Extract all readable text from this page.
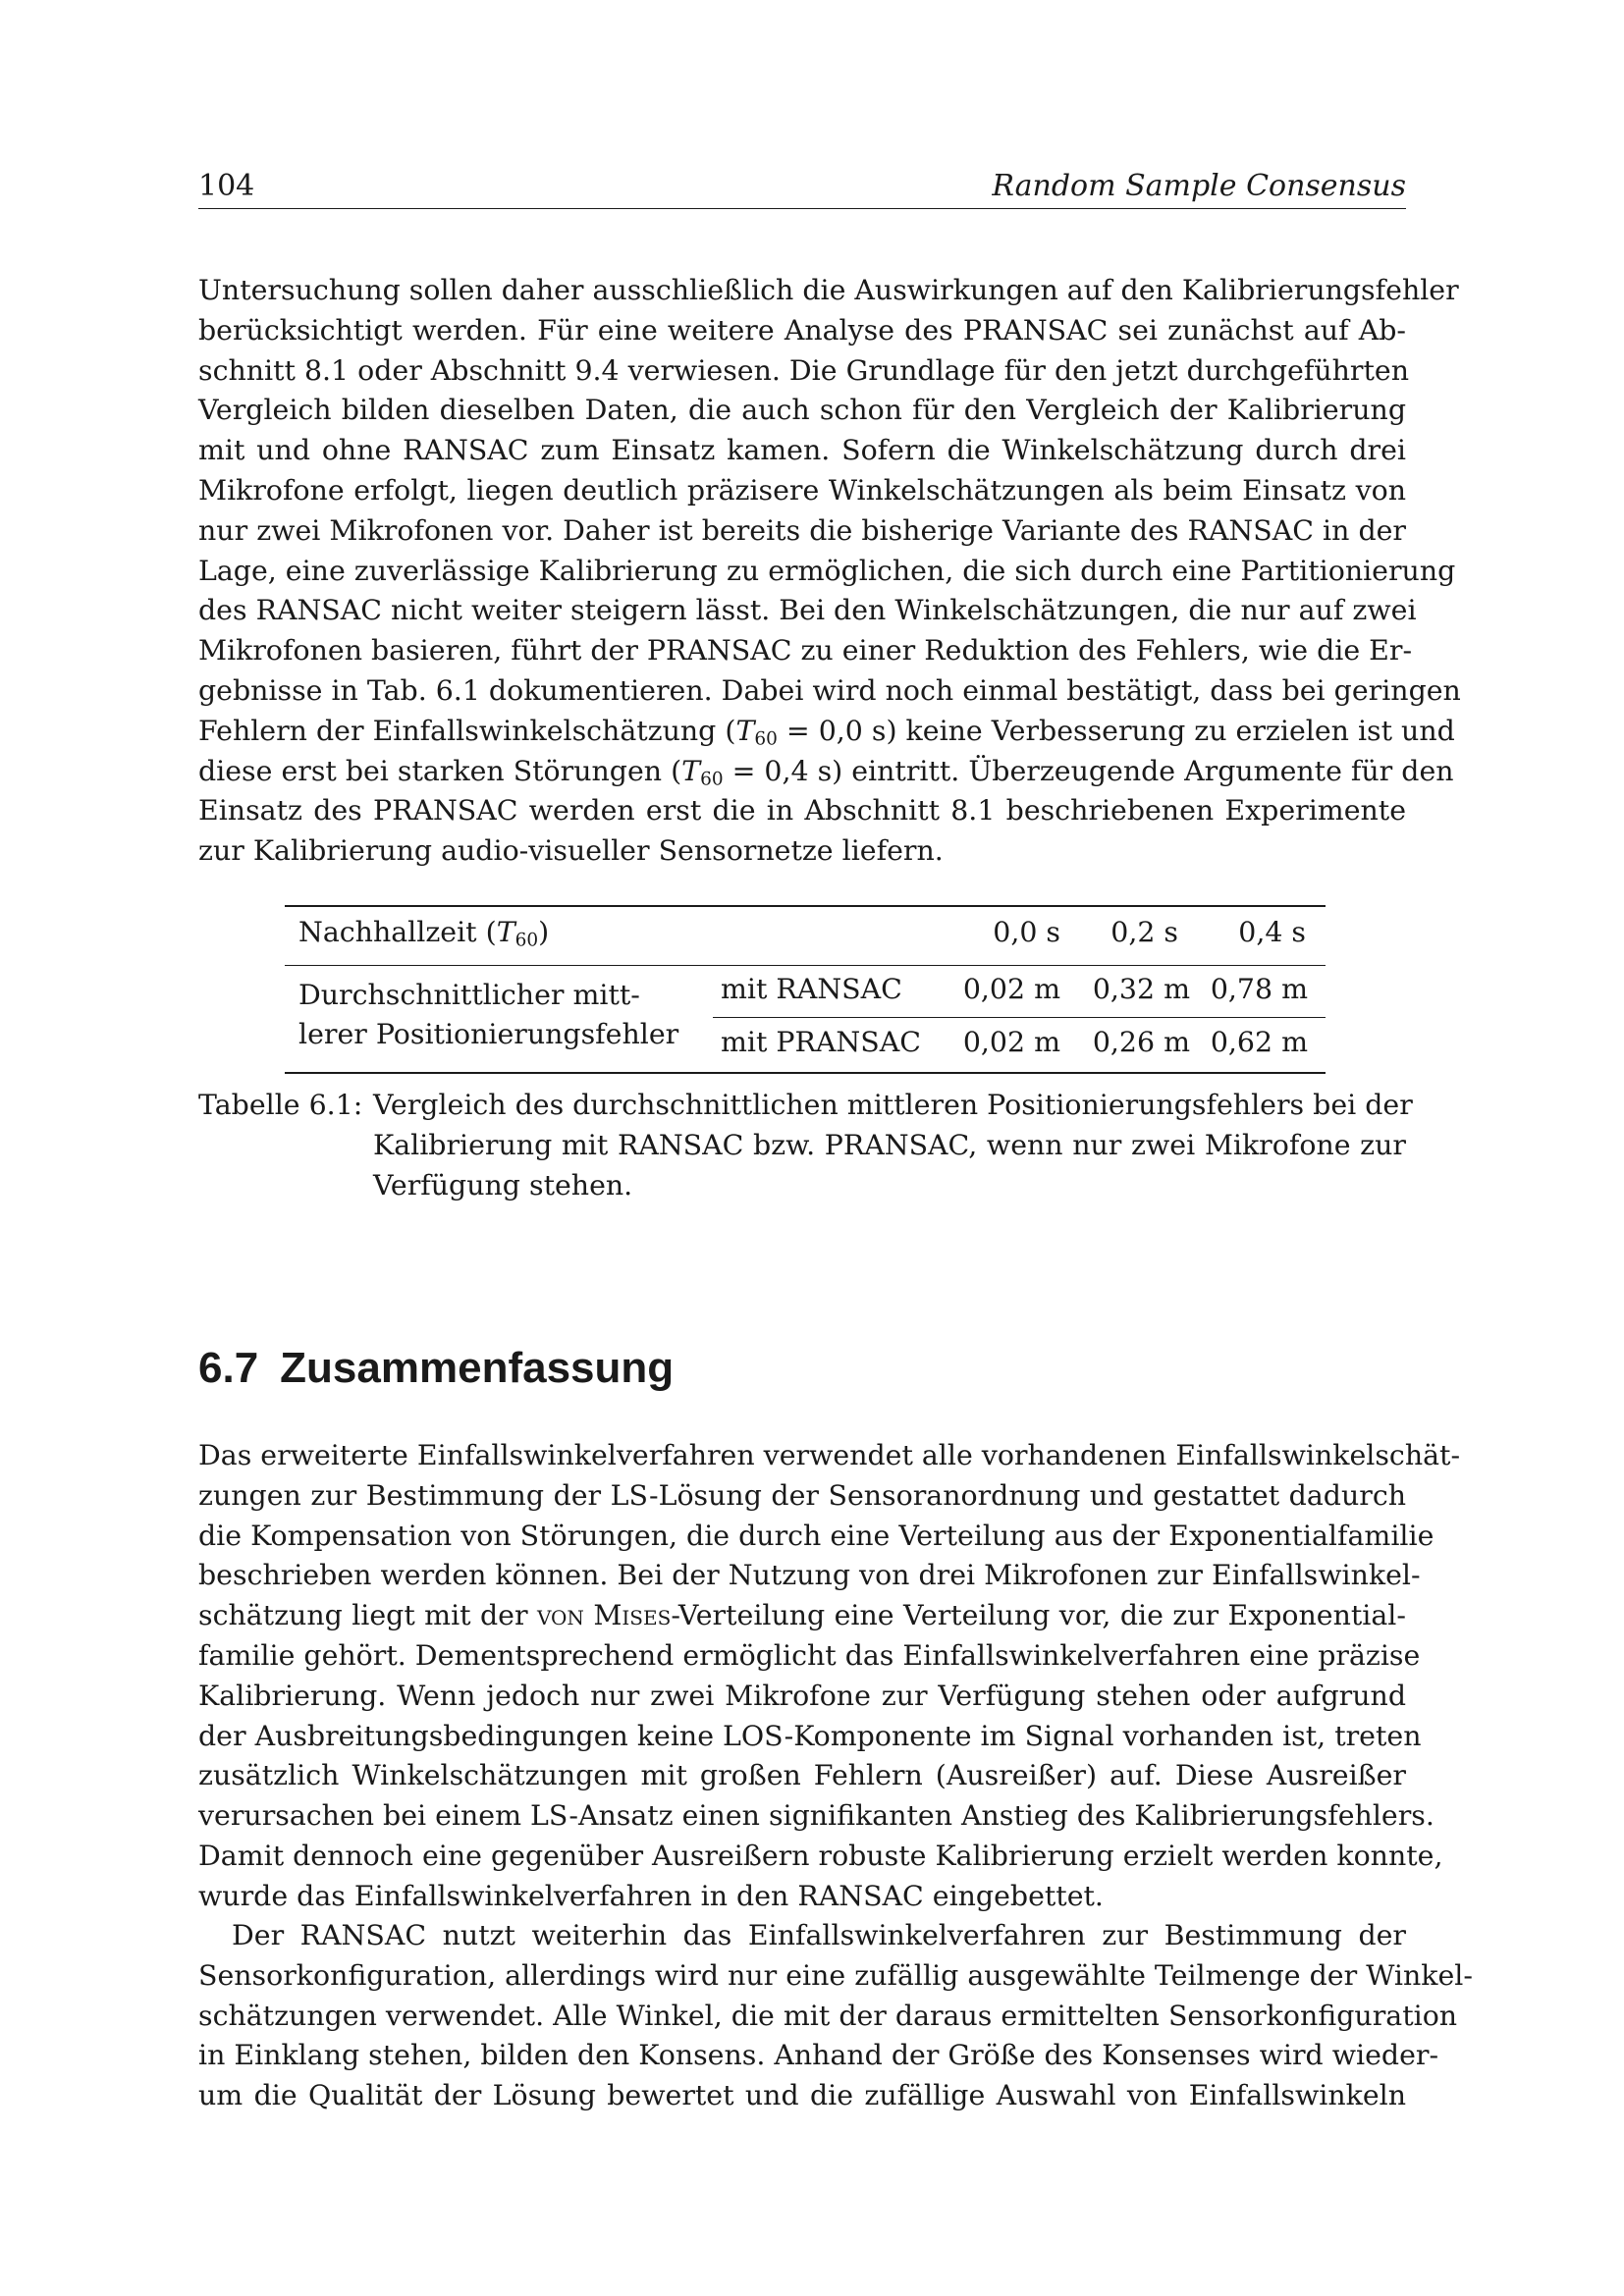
104	Random Sample Consensus
Untersuchung sollen daher ausschließlich die Auswirkungen auf den Kalibrierungsfehler
berücksichtigt werden. Für eine weitere Analyse des PRANSAC sei zunächst auf Ab-
schnitt 8.1 oder Abschnitt 9.4 verwiesen. Die Grundlage für den jetzt durchgeführten
Vergleich bilden dieselben Daten, die auch schon für den Vergleich der Kalibrierung
mit und ohne RANSAC zum Einsatz kamen. Sofern die Winkelschätzung durch drei
Mikrofone erfolgt, liegen deutlich präzisere Winkelschätzungen als beim Einsatz von
nur zwei Mikrofonen vor. Daher ist bereits die bisherige Variante des RANSAC in der
Lage, eine zuverlässige Kalibrierung zu ermöglichen, die sich durch eine Partitionierung
des RANSAC nicht weiter steigern lässt. Bei den Winkelschätzungen, die nur auf zwei
Mikrofonen basieren, führt der PRANSAC zu einer Reduktion des Fehlers, wie die Er-
gebnisse in Tab. 6.1 dokumentieren. Dabei wird noch einmal bestätigt, dass bei geringen
Fehlern der Einfallswinkelschätzung ($T_{60} = 0,0$ s) keine Verbesserung zu erzielen ist und
diese erst bei starken Störungen ($T_{60} = 0,4$ s) eintritt. Überzeugende Argumente für den
Einsatz des PRANSAC werden erst die in Abschnitt 8.1 beschriebenen Experimente
zur Kalibrierung audio-visueller Sensornetze liefern.
Nachhallzeit $(T_{60})$	0,0 s	0,2 s	0,4 s
Durchschnittlicher mitt-
lerer Positionierungsfehler
mit RANSAC 0,02 m	0,32 m 0,78 m
mit PRANSAC 0,02 m	0,26 m 0,62 m
Tabelle 6.1: Vergleich des durchschnittlichen mittleren Positionierungsfehlers bei der
Kalibrierung mit RANSAC bzw. PRANSAC, wenn nur zwei Mikrofone zur
Verfügung stehen.
6.7 Zusammenfassung
Das erweiterte Einfallswinkelverfahren verwendet alle vorhandenen Einfallswinkelschät-
zungen zur Bestimmung der LS-Lösung der Sensoranordnung und gestattet dadurch
die Kompensation von Störungen, die durch eine Verteilung aus der Exponentialfamilie
beschrieben werden können. Bei der Nutzung von drei Mikrofonen zur Einfallswinkel-
schätzung liegt mit der von Mises-Verteilung eine Verteilung vor, die zur Exponential-
familie gehört. Dementsprechend ermöglicht das Einfallswinkelverfahren eine präzise
Kalibrierung. Wenn jedoch nur zwei Mikrofone zur Verfügung stehen oder aufgrund
der Ausbreitungsbedingungen keine LOS-Komponente im Signal vorhanden ist, treten
zusätzlich Winkelschätzungen mit großen Fehlern (Ausreißer) auf. Diese Ausreißer
verursachen bei einem LS-Ansatz einen signifikanten Anstieg des Kalibrierungsfehlers.
Damit dennoch eine gegenüber Ausreißern robuste Kalibrierung erzielt werden konnte,
wurde das Einfallswinkelverfahren in den RANSAC eingebettet.
Der RANSAC nutzt weiterhin das Einfallswinkelverfahren zur Bestimmung der
Sensorkonfiguration, allerdings wird nur eine zufällig ausgewählte Teilmenge der Winkel-
schätzungen verwendet. Alle Winkel, die mit der daraus ermittelten Sensorkonfiguration
in Einklang stehen, bilden den Konsens. Anhand der Größe des Konsenses wird wieder-
um die Qualität der Lösung bewertet und die zufällige Auswahl von Einfallswinkeln
